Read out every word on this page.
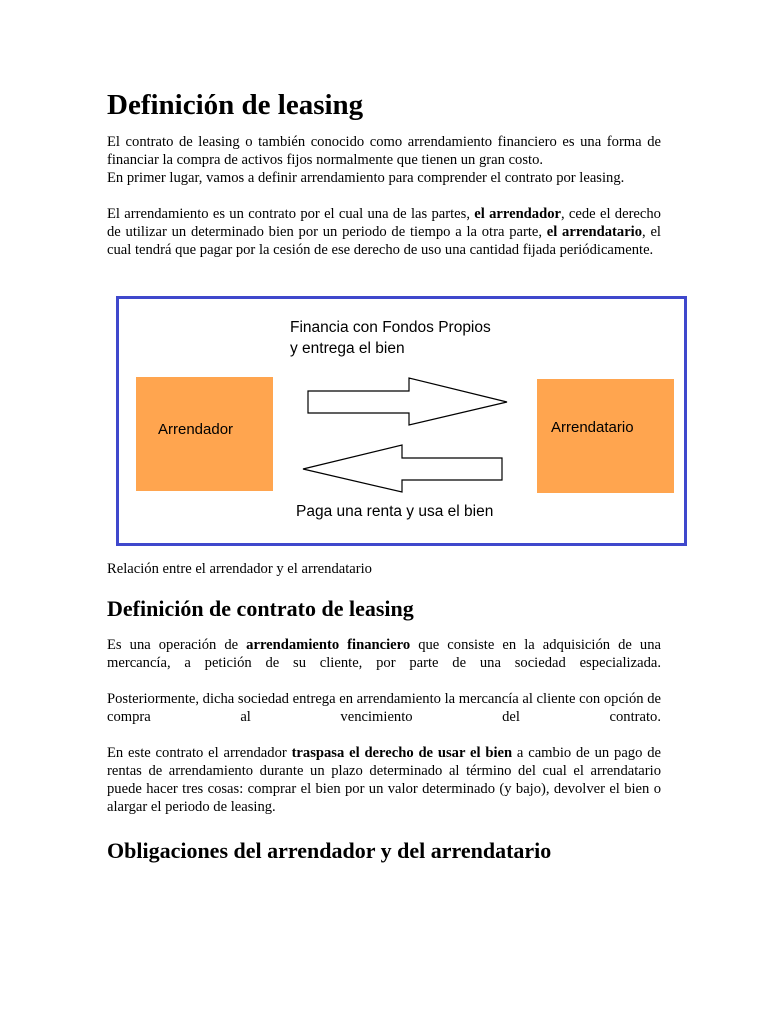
Definición de leasing

El contrato de leasing o también conocido como arrendamiento financiero es una forma de financiar la compra de activos fijos normalmente que tienen un gran costo.
En primer lugar, vamos a definir arrendamiento para comprender el contrato por leasing.

El arrendamiento es un contrato por el cual una de las partes, el arrendador, cede el derecho de utilizar un determinado bien por un periodo de tiempo a la otra parte, el arrendatario, el cual tendrá que pagar por la cesión de ese derecho de uso una cantidad fijada periódicamente.

Arrendador	Arrendatario
Financia con Fondos Propios
y entrega el bien
Paga una renta y usa el bien
Relación entre el arrendador y el arrendatario
Definición de contrato de leasing

Es una operación de arrendamiento financiero que consiste en la adquisición de una mercancía, a petición de su cliente, por parte de una sociedad especializada.

Posteriormente, dicha sociedad entrega en arrendamiento la mercancía al cliente con opción de compra al vencimiento del contrato.

En este contrato el arrendador traspasa el derecho de usar el bien a cambio de un pago de rentas de arrendamiento durante un plazo determinado al término del cual el arrendatario puede hacer tres cosas: comprar el bien por un valor determinado (y bajo), devolver el bien o alargar el periodo de leasing.

Obligaciones del arrendador y del arrendatario
